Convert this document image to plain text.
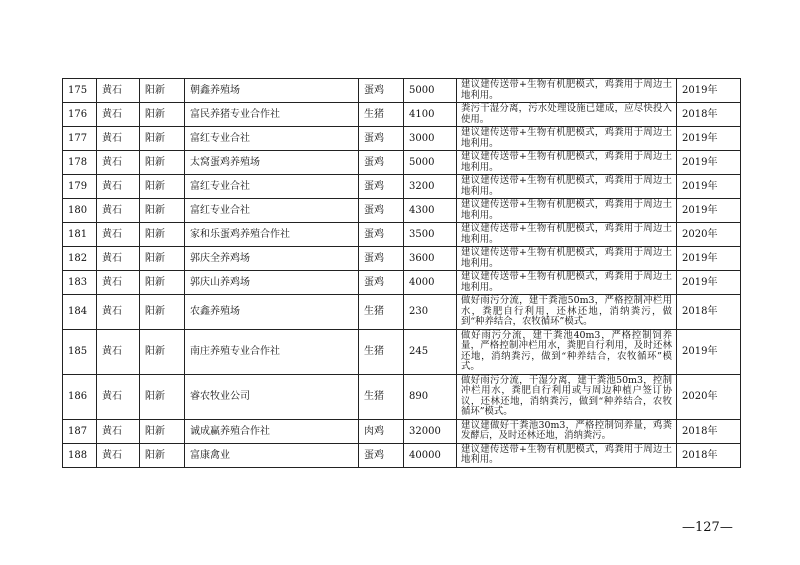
175	黄石	阳新	朝鑫养殖场	蛋鸡	5000	建议建传送带+生物有机肥模式，鸡粪用于周边土地利用。	2019年
176	黄石	阳新	富民养猪专业合作社	生猪	4100	粪污干湿分离，污水处理设施已建成，应尽快投入使用。	2018年
177	黄石	阳新	富红专业合社	蛋鸡	3000	建议建传送带+生物有机肥模式，鸡粪用于周边土地利用。	2019年
178	黄石	阳新	太窝蛋鸡养殖场	蛋鸡	5000	建议建传送带+生物有机肥模式，鸡粪用于周边土地利用。	2019年
179	黄石	阳新	富红专业合社	蛋鸡	3200	建议建传送带+生物有机肥模式，鸡粪用于周边土地利用。	2019年
180	黄石	阳新	富红专业合社	蛋鸡	4300	建议建传送带+生物有机肥模式，鸡粪用于周边土地利用。	2019年
181	黄石	阳新	家和乐蛋鸡养殖合作社	蛋鸡	3500	建议建传送带+生物有机肥模式，鸡粪用于周边土地利用。	2020年
182	黄石	阳新	郭庆全养鸡场	蛋鸡	3600	建议建传送带+生物有机肥模式，鸡粪用于周边土地利用。	2019年
183	黄石	阳新	郭庆山养鸡场	蛋鸡	4000	建议建传送带+生物有机肥模式，鸡粪用于周边土地利用。	2019年
184	黄石	阳新	农鑫养殖场	生猪	230	做好雨污分流，建干粪池50m3，严格控制冲栏用水，粪肥自行利用，还林还地，消纳粪污，做到“种养结合，农牧循环”模式。	2018年
185	黄石	阳新	南庄养殖专业合作社	生猪	245	做好雨污分流，建干粪池40m3，严格控制饲养量，严格控制冲栏用水，粪肥自行利用，及时还林还地，消纳粪污，做到“种养结合，农牧循环”模式。	2019年
186	黄石	阳新	睿农牧业公司	生猪	890	做好雨污分流，干湿分离，建干粪池50m3，控制冲栏用水，粪肥自行利用或与周边种植户签订协议，还林还地，消纳粪污，做到“种养结合，农牧循环”模式。	2020年
187	黄石	阳新	诚成赢养殖合作社	肉鸡	32000	建议建做好干粪池30m3，严格控制饲养量，鸡粪发酵后，及时还林还地，消纳粪污。	2018年
188	黄石	阳新	富康禽业	蛋鸡	40000	建议建传送带+生物有机肥模式，鸡粪用于周边土地利用。	2018年
—127—
